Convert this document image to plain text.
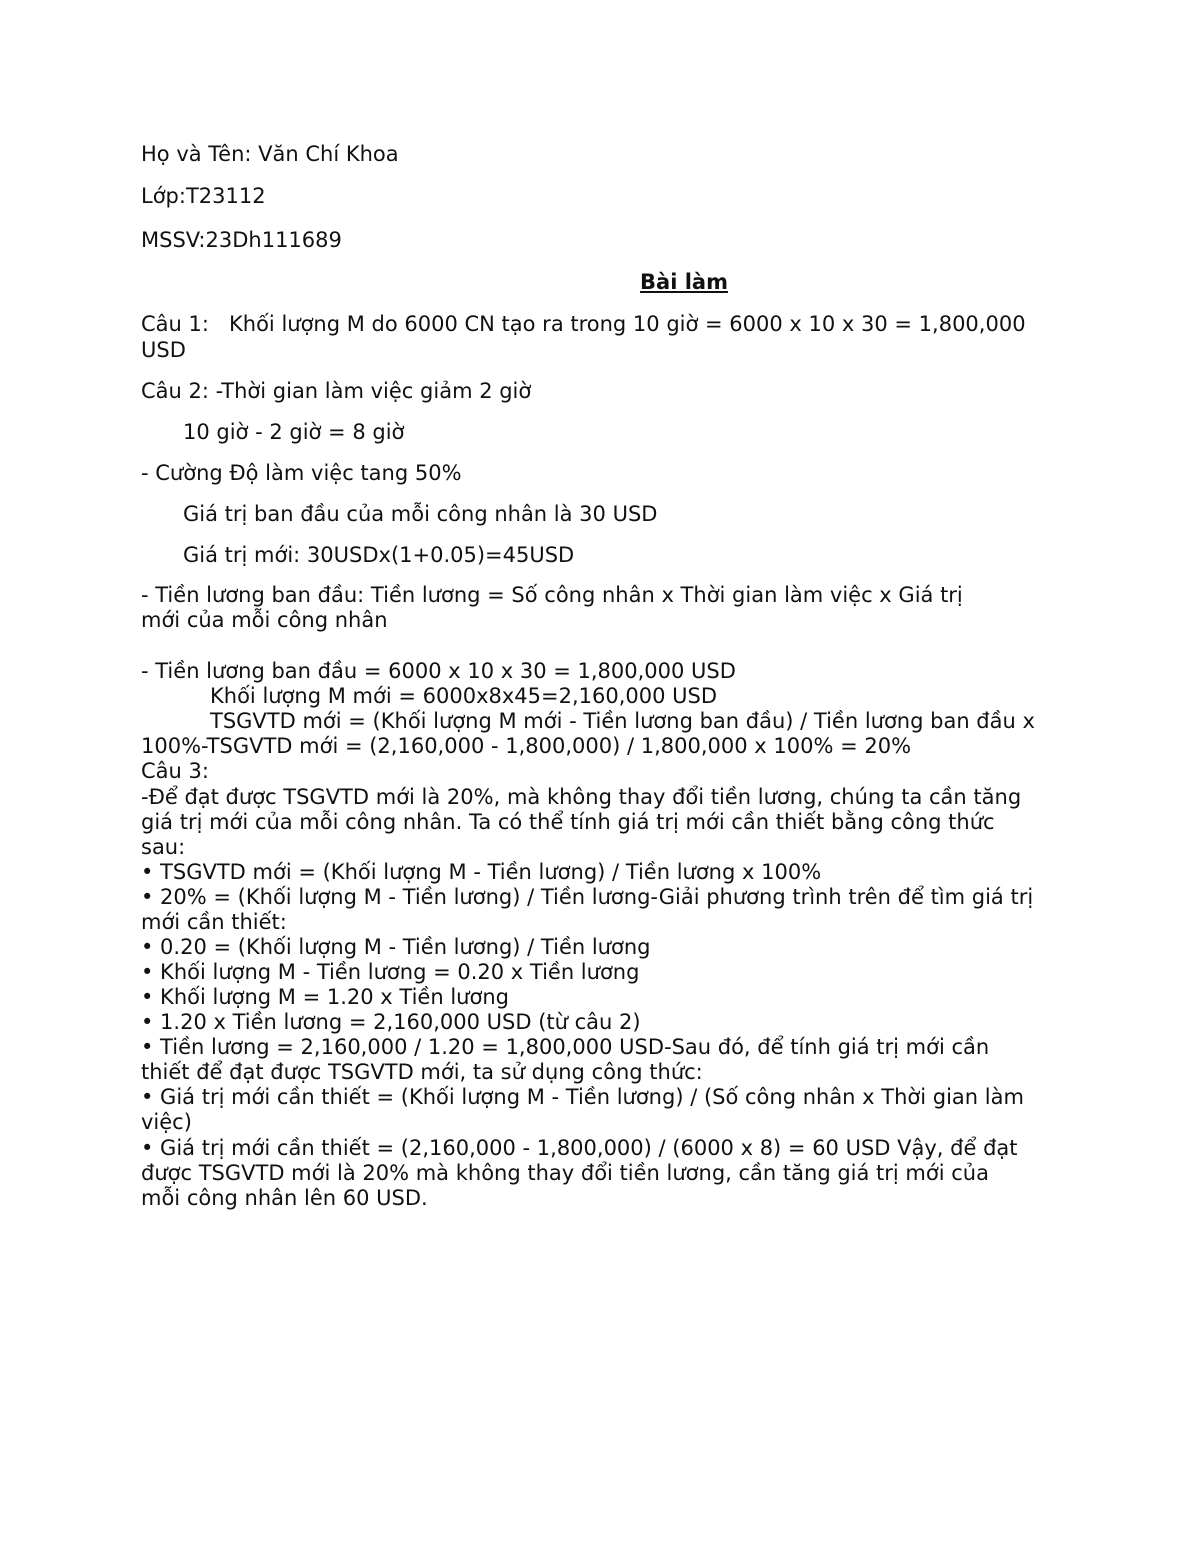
Họ và Tên: Văn Chí Khoa
Lớp:T23112
MSSV:23Dh111689
Bài làm
Câu 1: Khối lượng M do 6000 CN tạo ra trong 10 giờ = 6000 x 10 x 30 = 1,800,000
USD
Câu 2: -Thời gian làm việc giảm 2 giờ
10 giờ - 2 giờ = 8 giờ
- Cường Độ làm việc tang 50%
Giá trị ban đầu của mỗi công nhân là 30 USD
Giá trị mới: 30USDx(1+0.05)=45USD
- Tiền lương ban đầu: Tiền lương = Số công nhân x Thời gian làm việc x Giá trị
mới của mỗi công nhân
- Tiền lương ban đầu = 6000 x 10 x 30 = 1,800,000 USD
Khối lượng M mới = 6000x8x45=2,160,000 USD
TSGVTD mới = (Khối lượng M mới - Tiền lương ban đầu) / Tiền lương ban đầu x
100%-TSGVTD mới = (2,160,000 - 1,800,000) / 1,800,000 x 100% = 20%
Câu 3:
-Để đạt được TSGVTD mới là 20%, mà không thay đổi tiền lương, chúng ta cần tăng
giá trị mới của mỗi công nhân. Ta có thể tính giá trị mới cần thiết bằng công thức
sau:
• TSGVTD mới = (Khối lượng M - Tiền lương) / Tiền lương x 100%
• 20% = (Khối lượng M - Tiền lương) / Tiền lương-Giải phương trình trên để tìm giá trị
mới cần thiết:
• 0.20 = (Khối lượng M - Tiền lương) / Tiền lương
• Khối lượng M - Tiền lương = 0.20 x Tiền lương
• Khối lượng M = 1.20 x Tiền lương
• 1.20 x Tiền lương = 2,160,000 USD (từ câu 2)
• Tiền lương = 2,160,000 / 1.20 = 1,800,000 USD-Sau đó, để tính giá trị mới cần
thiết để đạt được TSGVTD mới, ta sử dụng công thức:
• Giá trị mới cần thiết = (Khối lượng M - Tiền lương) / (Số công nhân x Thời gian làm
việc)
• Giá trị mới cần thiết = (2,160,000 - 1,800,000) / (6000 x 8) = 60 USD Vậy, để đạt
được TSGVTD mới là 20% mà không thay đổi tiền lương, cần tăng giá trị mới của
mỗi công nhân lên 60 USD.
